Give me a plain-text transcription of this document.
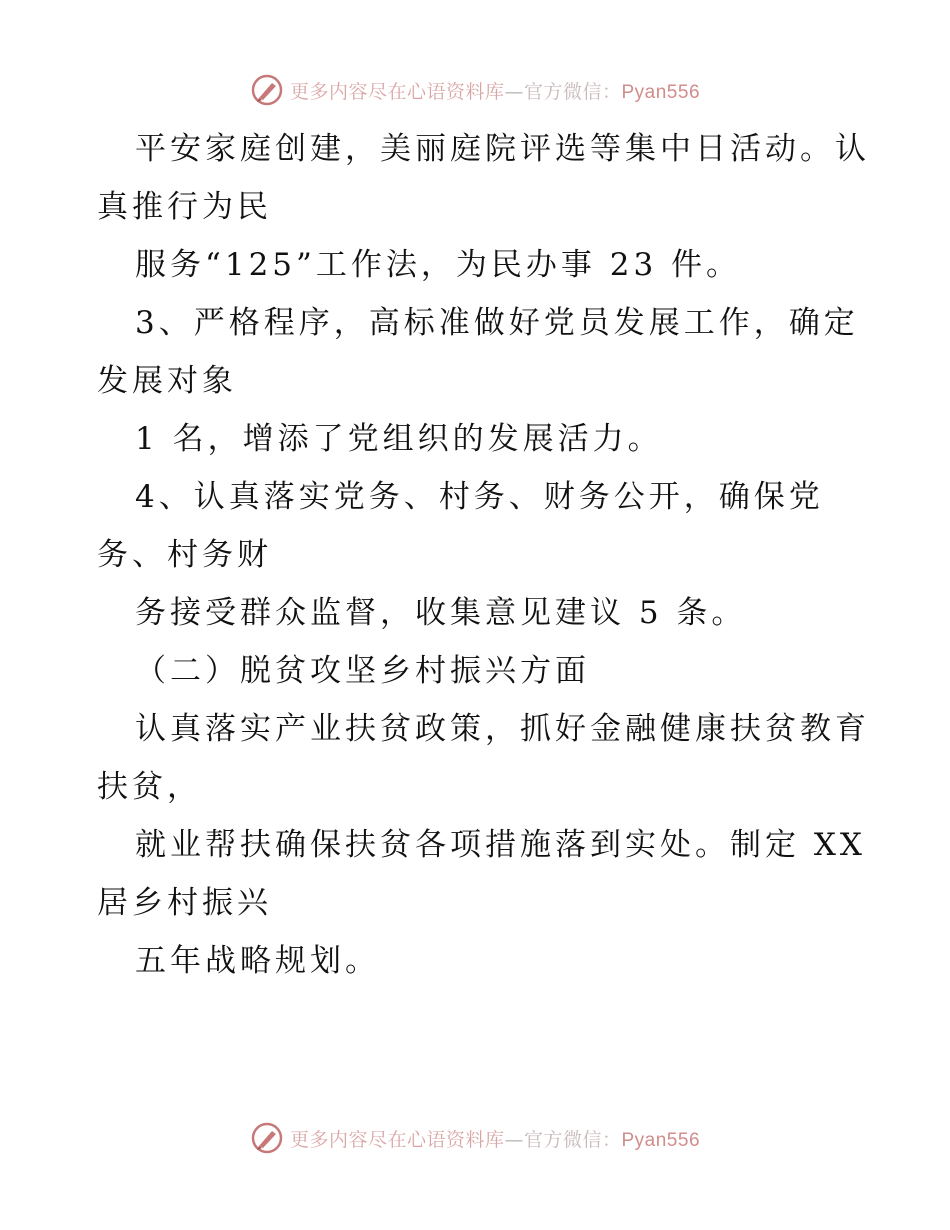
更多内容尽在心语资料库—官方微信：Pyan556
平安家庭创建，美丽庭院评选等集中日活动。认
真推行为民
服务“125”工作法，为民办事 23 件。
3、严格程序，高标准做好党员发展工作，确定
发展对象
1 名，增添了党组织的发展活力。
4、认真落实党务、村务、财务公开，确保党
务、村务财
务接受群众监督，收集意见建议 5 条。
（二）脱贫攻坚乡村振兴方面
认真落实产业扶贫政策，抓好金融健康扶贫教育
扶贫，
就业帮扶确保扶贫各项措施落到实处。制定 XX
居乡村振兴
五年战略规划。
更多内容尽在心语资料库—官方微信：Pyan556
